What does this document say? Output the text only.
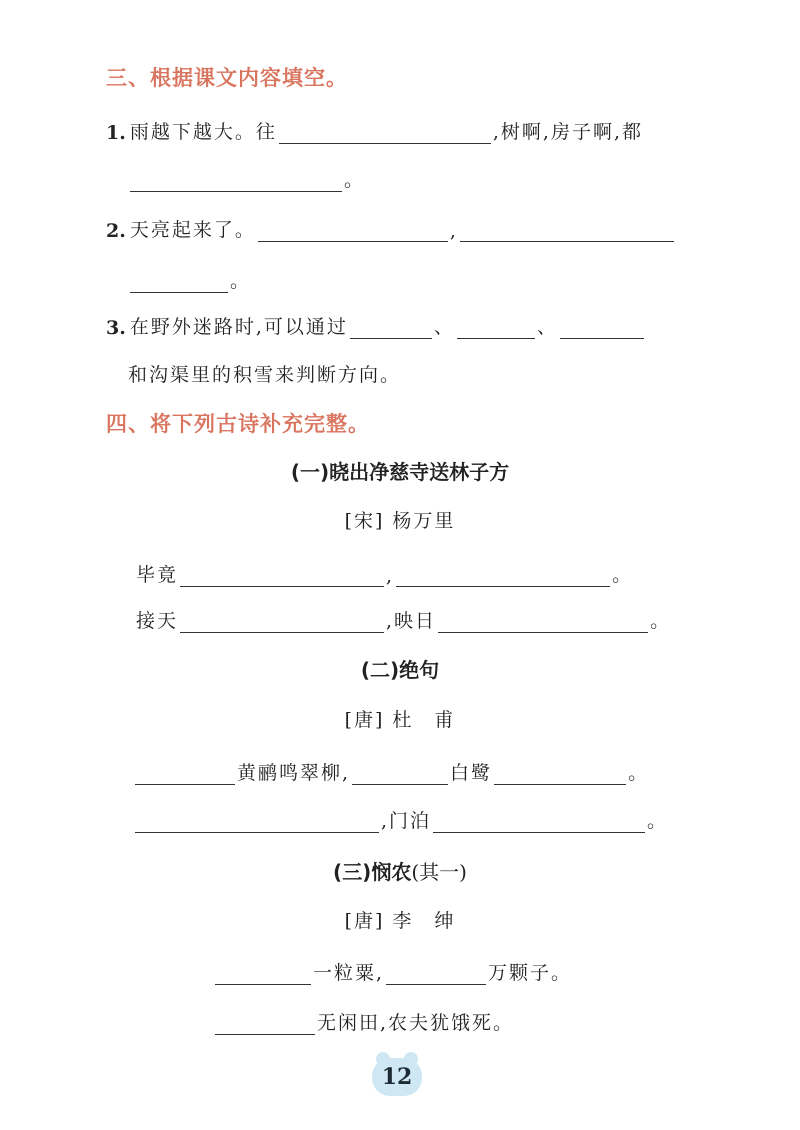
三、根据课文内容填空。
1. 雨越下越大。往	,树啊,房子啊,都
。
2. 天亮起来了。	,
。
3. 在野外迷路时,可以通过	、	、
和沟渠里的积雪来判断方向。
四、将下列古诗补充完整。
(一)晓出净慈寺送林子方
[宋] 杨万里
毕竟	,	。
接天	,映日	。
(二)绝句
[唐] 杜　甫
黄鹂鸣翠柳,	白鹭	。
,门泊	。
(三)悯农(其一)
[唐] 李　绅
一粒粟,	万颗子。
无闲田,农夫犹饿死。
12
